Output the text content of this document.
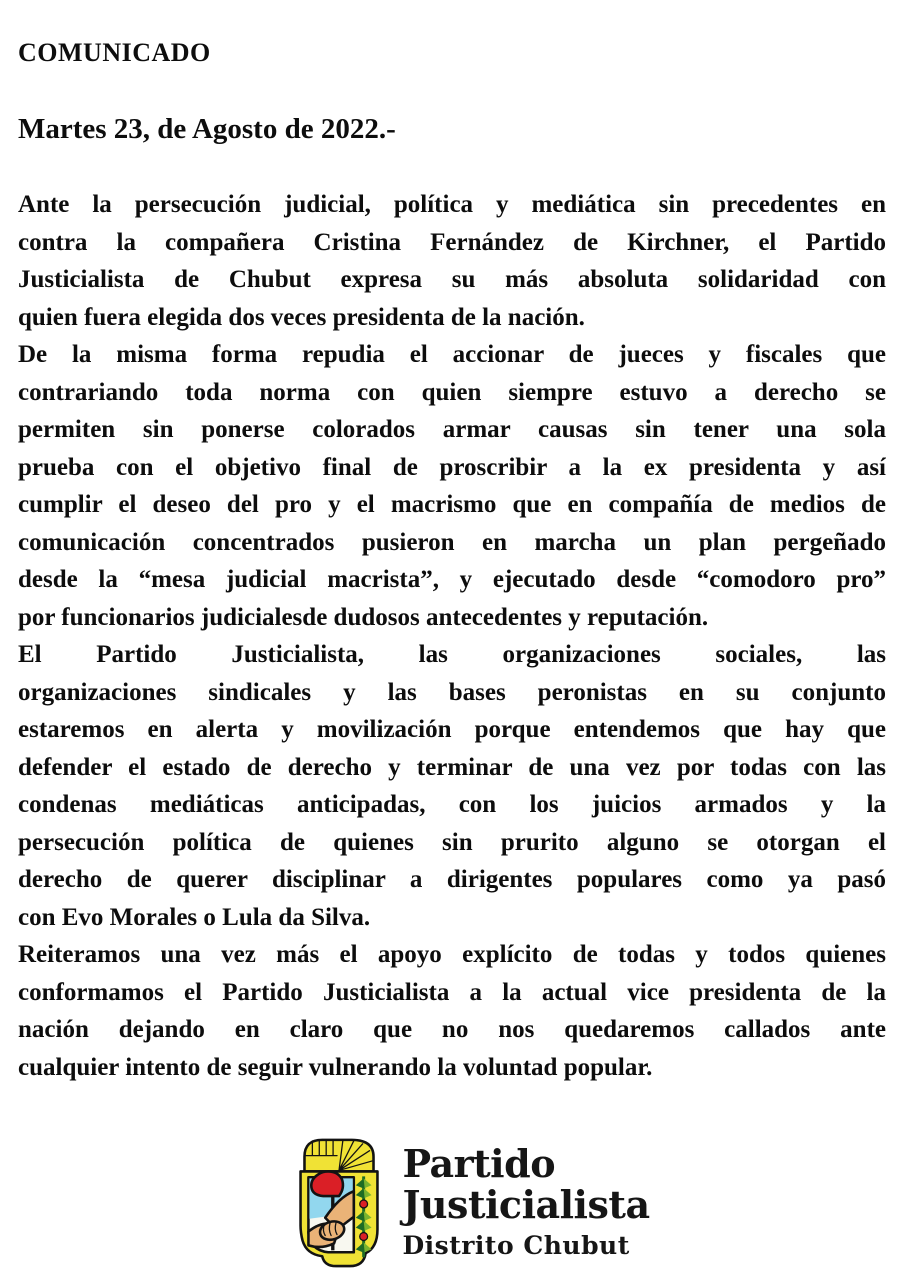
COMUNICADO
Martes 23, de Agosto de 2022.-
Ante la persecución judicial, política y mediática sin precedentes en
contra la compañera Cristina Fernández de Kirchner, el Partido
Justicialista de Chubut expresa su más absoluta solidaridad con
quien fuera elegida dos veces presidenta de la nación.
De la misma forma repudia el accionar de jueces y fiscales que
contrariando toda norma con quien siempre estuvo a derecho se
permiten sin ponerse colorados armar causas sin tener una sola
prueba con el objetivo final de proscribir a la ex presidenta y así
cumplir el deseo del pro y el macrismo que en compañía de medios de
comunicación concentrados pusieron en marcha un plan pergeñado
desde la “mesa judicial macrista”, y ejecutado desde “comodoro pro”
por funcionarios judicialesde dudosos antecedentes y reputación.
El Partido Justicialista, las organizaciones sociales, las
organizaciones sindicales y las bases peronistas en su conjunto
estaremos en alerta y movilización porque entendemos que hay que
defender el estado de derecho y terminar de una vez por todas con las
condenas mediáticas anticipadas, con los juicios armados y la
persecución política de quienes sin prurito alguno se otorgan el
derecho de querer disciplinar a dirigentes populares como ya pasó
con Evo Morales o Lula da Silva.
Reiteramos una vez más el apoyo explícito de todas y todos quienes
conformamos el Partido Justicialista a la actual vice presidenta de la
nación dejando en claro que no nos quedaremos callados ante
cualquier intento de seguir vulnerando la voluntad popular.
Partido
Justicialista
Distrito Chubut
